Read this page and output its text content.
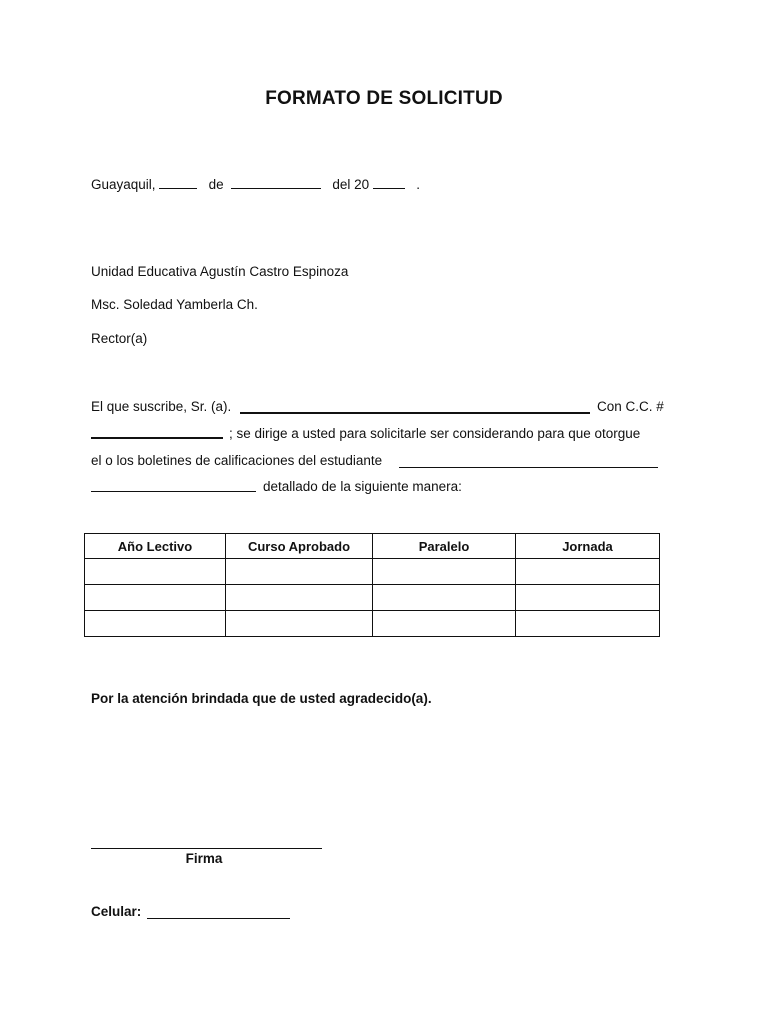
FORMATO DE SOLICITUD
Guayaquil,	de	del 20	.
Unidad Educativa Agustín Castro Espinoza
Msc. Soledad Yamberla Ch.
Rector(a)
El que suscribe, Sr. (a).	Con C.C. #
; se dirige a usted para solicitarle ser considerando para que otorgue
el o los boletines de calificaciones del estudiante
detallado de la siguiente manera:
Año Lectivo	Curso Aprobado	Paralelo	Jornada

Por la atención brindada que de usted agradecido(a).
Firma
Celular:
